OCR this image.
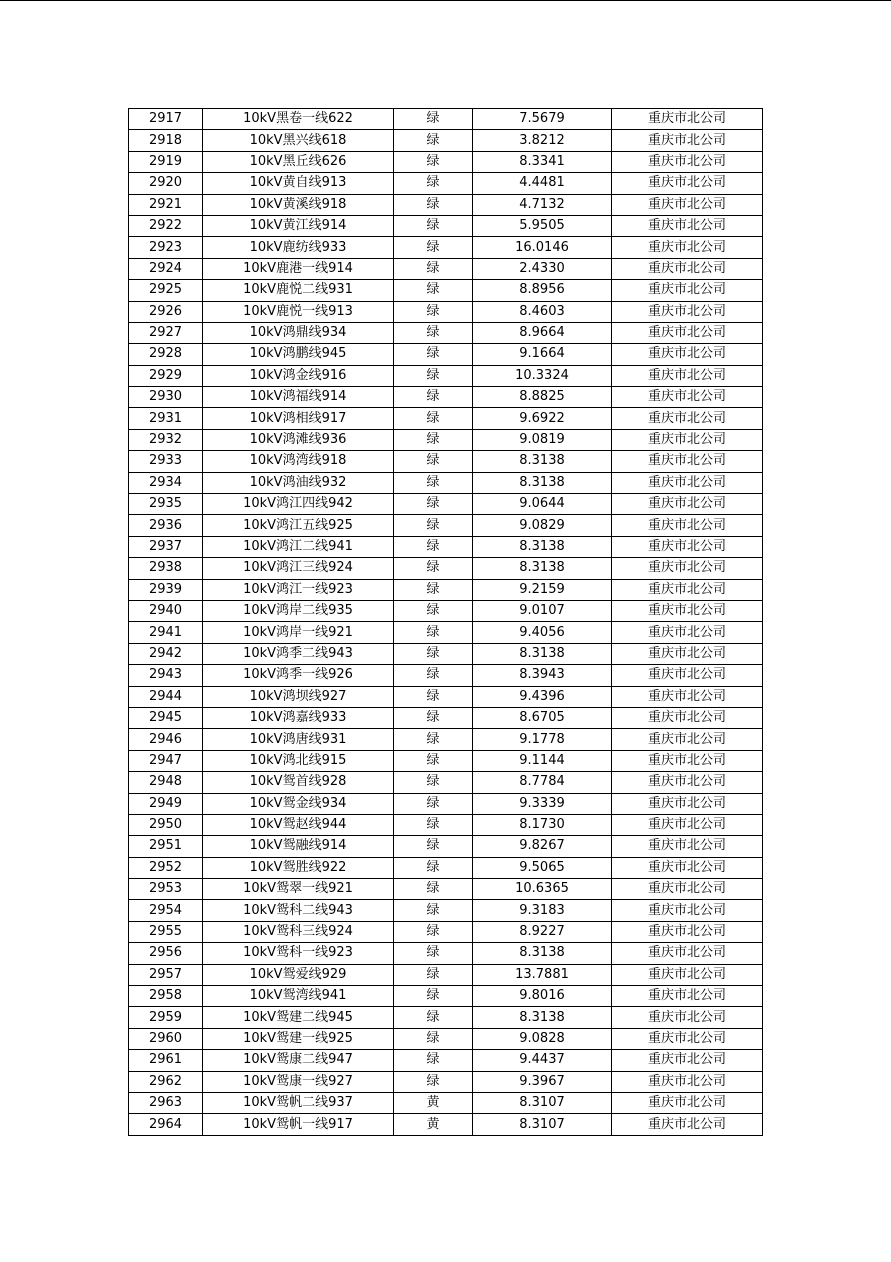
2917	10kV黑卷一线622	绿	7.5679	重庆市北公司
2918	10kV黑兴线618	绿	3.8212	重庆市北公司
2919	10kV黑丘线626	绿	8.3341	重庆市北公司
2920	10kV黄自线913	绿	4.4481	重庆市北公司
2921	10kV黄溪线918	绿	4.7132	重庆市北公司
2922	10kV黄江线914	绿	5.9505	重庆市北公司
2923	10kV鹿纺线933	绿	16.0146	重庆市北公司
2924	10kV鹿港一线914	绿	2.4330	重庆市北公司
2925	10kV鹿悦二线931	绿	8.8956	重庆市北公司
2926	10kV鹿悦一线913	绿	8.4603	重庆市北公司
2927	10kV鸿鼎线934	绿	8.9664	重庆市北公司
2928	10kV鸿鹏线945	绿	9.1664	重庆市北公司
2929	10kV鸿金线916	绿	10.3324	重庆市北公司
2930	10kV鸿福线914	绿	8.8825	重庆市北公司
2931	10kV鸿相线917	绿	9.6922	重庆市北公司
2932	10kV鸿滩线936	绿	9.0819	重庆市北公司
2933	10kV鸿湾线918	绿	8.3138	重庆市北公司
2934	10kV鸿油线932	绿	8.3138	重庆市北公司
2935	10kV鸿江四线942	绿	9.0644	重庆市北公司
2936	10kV鸿江五线925	绿	9.0829	重庆市北公司
2937	10kV鸿江二线941	绿	8.3138	重庆市北公司
2938	10kV鸿江三线924	绿	8.3138	重庆市北公司
2939	10kV鸿江一线923	绿	9.2159	重庆市北公司
2940	10kV鸿岸二线935	绿	9.0107	重庆市北公司
2941	10kV鸿岸一线921	绿	9.4056	重庆市北公司
2942	10kV鸿季二线943	绿	8.3138	重庆市北公司
2943	10kV鸿季一线926	绿	8.3943	重庆市北公司
2944	10kV鸿坝线927	绿	9.4396	重庆市北公司
2945	10kV鸿嘉线933	绿	8.6705	重庆市北公司
2946	10kV鸿唐线931	绿	9.1778	重庆市北公司
2947	10kV鸿北线915	绿	9.1144	重庆市北公司
2948	10kV鸳首线928	绿	8.7784	重庆市北公司
2949	10kV鸳金线934	绿	9.3339	重庆市北公司
2950	10kV鸳赵线944	绿	8.1730	重庆市北公司
2951	10kV鸳融线914	绿	9.8267	重庆市北公司
2952	10kV鸳胜线922	绿	9.5065	重庆市北公司
2953	10kV鸳翠一线921	绿	10.6365	重庆市北公司
2954	10kV鸳科二线943	绿	9.3183	重庆市北公司
2955	10kV鸳科三线924	绿	8.9227	重庆市北公司
2956	10kV鸳科一线923	绿	8.3138	重庆市北公司
2957	10kV鸳爱线929	绿	13.7881	重庆市北公司
2958	10kV鸳湾线941	绿	9.8016	重庆市北公司
2959	10kV鸳建二线945	绿	8.3138	重庆市北公司
2960	10kV鸳建一线925	绿	9.0828	重庆市北公司
2961	10kV鸳康二线947	绿	9.4437	重庆市北公司
2962	10kV鸳康一线927	绿	9.3967	重庆市北公司
2963	10kV鸳帆二线937	黄	8.3107	重庆市北公司
2964	10kV鸳帆一线917	黄	8.3107	重庆市北公司
